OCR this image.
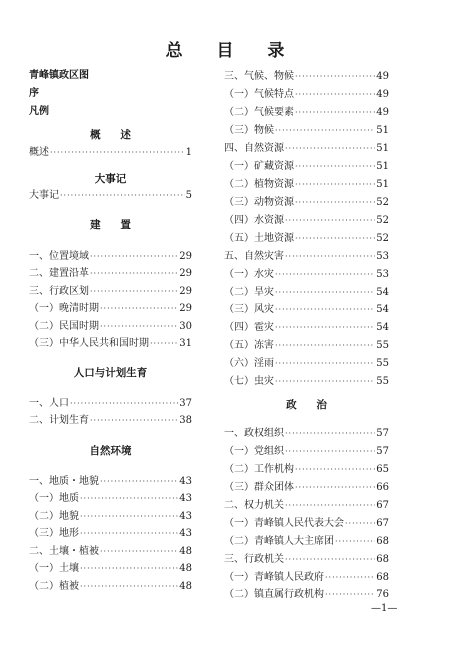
总 目 录
青峰镇政区图
序
凡例
概 述
概述 ·····	1
大事记
大事记 ·····	5
建 置
一、位置境域 ·····	29
二、建置沿革 ·····	29
三、行政区划 ·····	29
（一）晚清时期 ·····	29
（二）民国时期 ·····	30
（三）中华人民共和国时期 ·····	31
人口与计划生育
一、人口 ·····	37
二、计划生育 ·····	38
自然环境
一、地质・地貌 ·····	43
（一）地质 ·····	43
（二）地貌 ·····	43
（三）地形 ·····	43
二、土壤・植被 ·····	48
（一）土壤 ·····	48
（二）植被 ·····	48
三、气候、物候 ·····	49
（一）气候特点 ·····	49
（二）气候要素 ·····	49
（三）物候 ·····	51
四、自然资源 ·····	51
（一）矿藏资源 ·····	51
（二）植物资源 ·····	51
（三）动物资源 ·····	52
（四）水资源 ·····	52
（五）土地资源 ·····	52
五、自然灾害 ·····	53
（一）水灾 ·····	53
（二）旱灾 ·····	54
（三）风灾 ·····	54
（四）雹灾 ·····	54
（五）冻害 ·····	55
（六）淫雨 ·····	55
（七）虫灾 ·····	55
政 治
一、政权组织 ·····	57
（一）党组织 ·····	57
（二）工作机构 ·····	65
（三）群众团体 ·····	66
二、权力机关 ·····	67
（一）青峰镇人民代表大会 ·····	67
（二）青峰镇人大主席团 ·····	68
三、行政机关 ·····	68
（一）青峰镇人民政府 ·····	68
（二）镇直属行政机构 ·····	76
—1—
